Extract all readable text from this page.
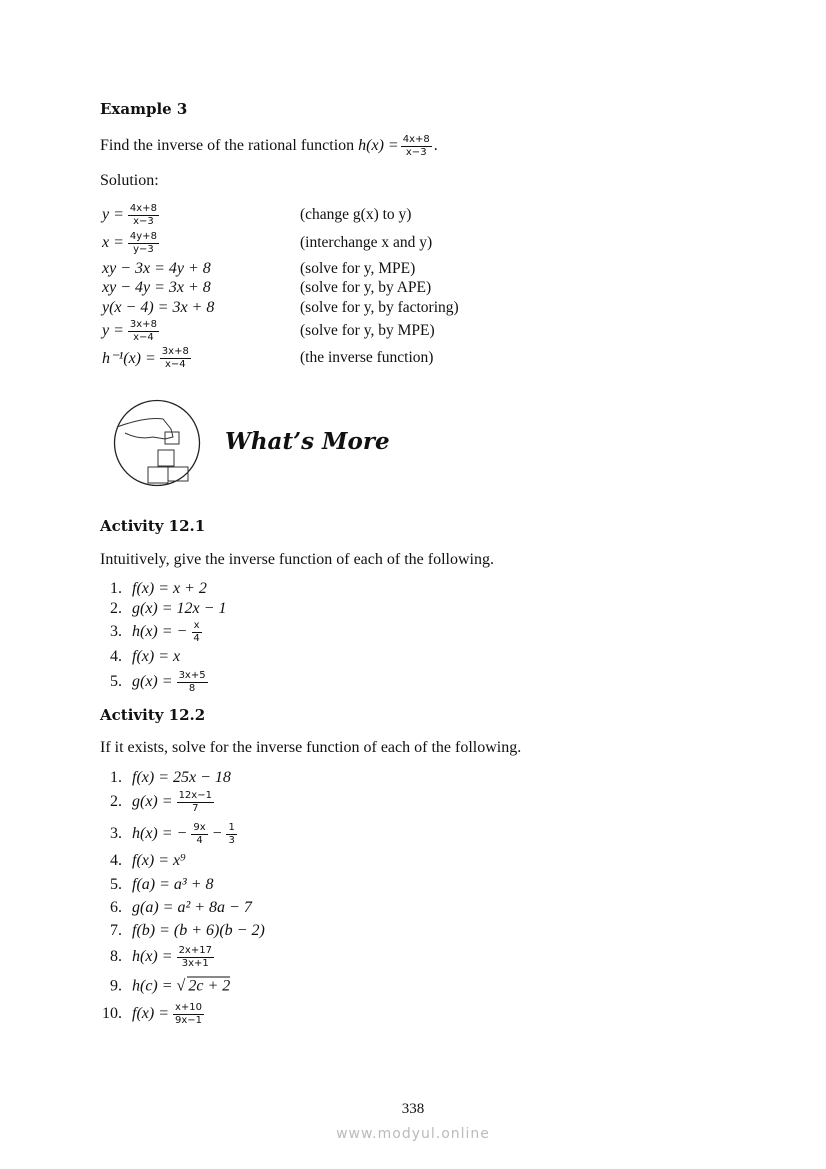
Example 3
Find the inverse of the rational function
$h(x) = \frac{4x+8}{x-3}$ .
Solution:
$y = \frac{4x+8}{x-3}$	(change g(x) to y)
$x = \frac{4y+8}{y-3}$	(interchange x and y)
xy − 3x = 4y + 8	(solve for y, MPE)
xy − 4y = 3x + 8	(solve for y, by APE)
y(x − 4) = 3x + 8	(solve for y, by factoring)
$y = \frac{3x+8}{x-4}$	(solve for y, by MPE)
$h^{-1}(x) = \frac{3x+8}{x-4}$	(the inverse function)
What’s More
Activity 12.1
Intuitively, give the inverse function of each of the following.
1. f(x) = x + 2
2. g(x) = 12x − 1
3. h(x) = − $\frac{x}{4}$
4. f(x) = x
5. $g(x) = \frac{3x+5}{8}$
Activity 12.2
If it exists, solve for the inverse function of each of the following.
1. f(x) = 25x − 18
2. $g(x) = \frac{12x-1}{7}$
3. h(x) = − $\frac{9x}{4} - \frac{1}{3}$
4. f(x) = x⁹
5. f(a) = a³ + 8
6. g(a) = a² + 8a − 7
7. f(b) = (b + 6)(b − 2)
8. $h(x) = \frac{2x+17}{3x+1}$
9. h(c) = √ 2c + 2
10. $f(x) = \frac{x+10}{9x-1}$
338
www.modyul.online
